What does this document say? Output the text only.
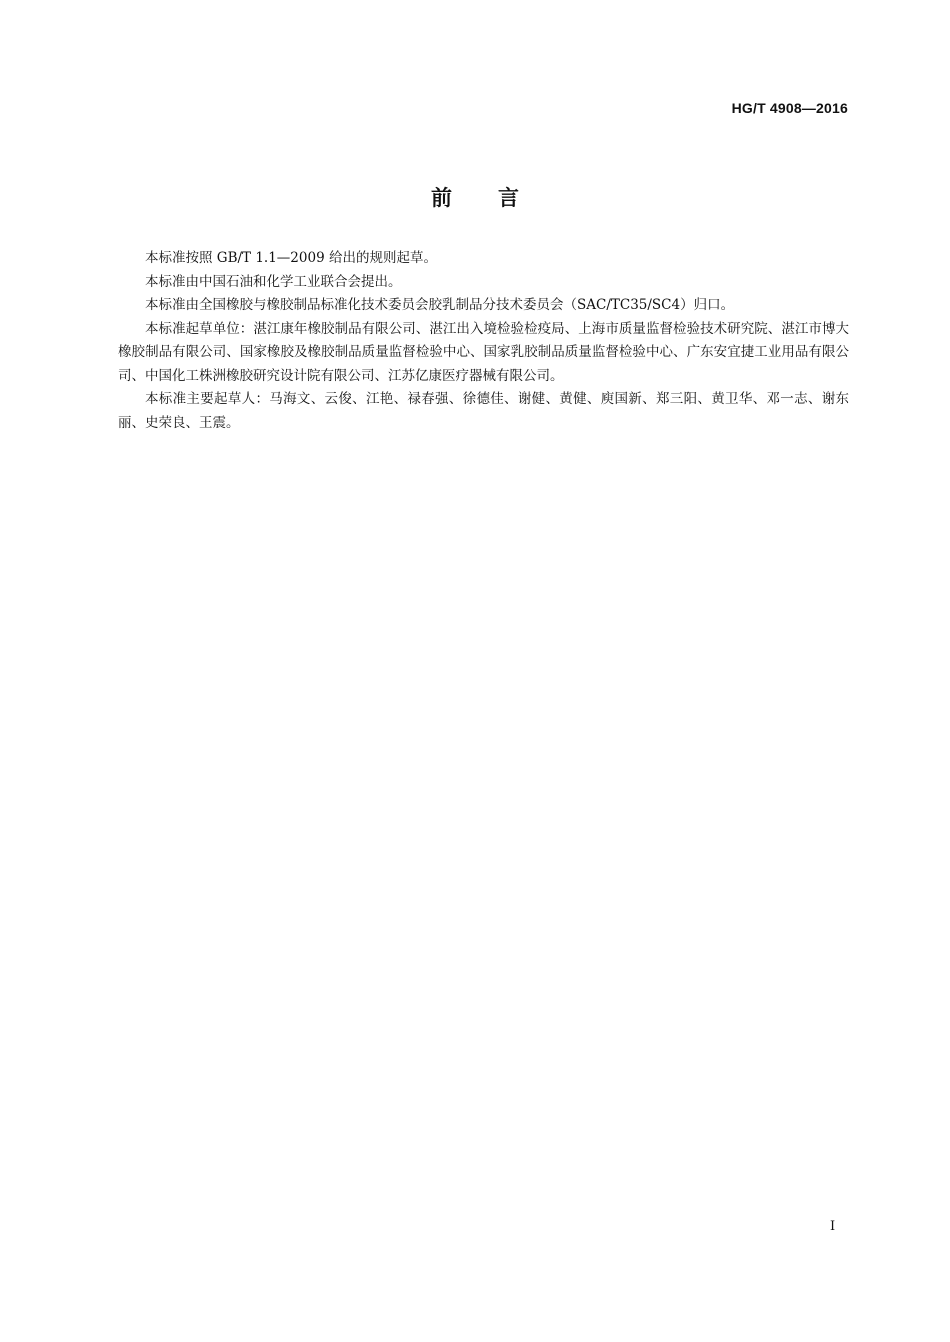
HG/T 4908—2016
前言

本标准按照 GB/T 1.1—2009 给出的规则起草。

本标准由中国石油和化学工业联合会提出。

本标准由全国橡胶与橡胶制品标准化技术委员会胶乳制品分技术委员会（SAC/TC35/SC4）归口。

本标准起草单位：湛江康年橡胶制品有限公司、湛江出入境检验检疫局、上海市质量监督检验技术研究院、湛江市博大橡胶制品有限公司、国家橡胶及橡胶制品质量监督检验中心、国家乳胶制品质量监督检验中心、广东安宜捷工业用品有限公司、中国化工株洲橡胶研究设计院有限公司、江苏亿康医疗器械有限公司。

本标准主要起草人：马海文、云俊、江艳、禄春强、徐德佳、谢健、黄健、庾国新、郑三阳、黄卫华、邓一志、谢东丽、史荣良、王震。

I
